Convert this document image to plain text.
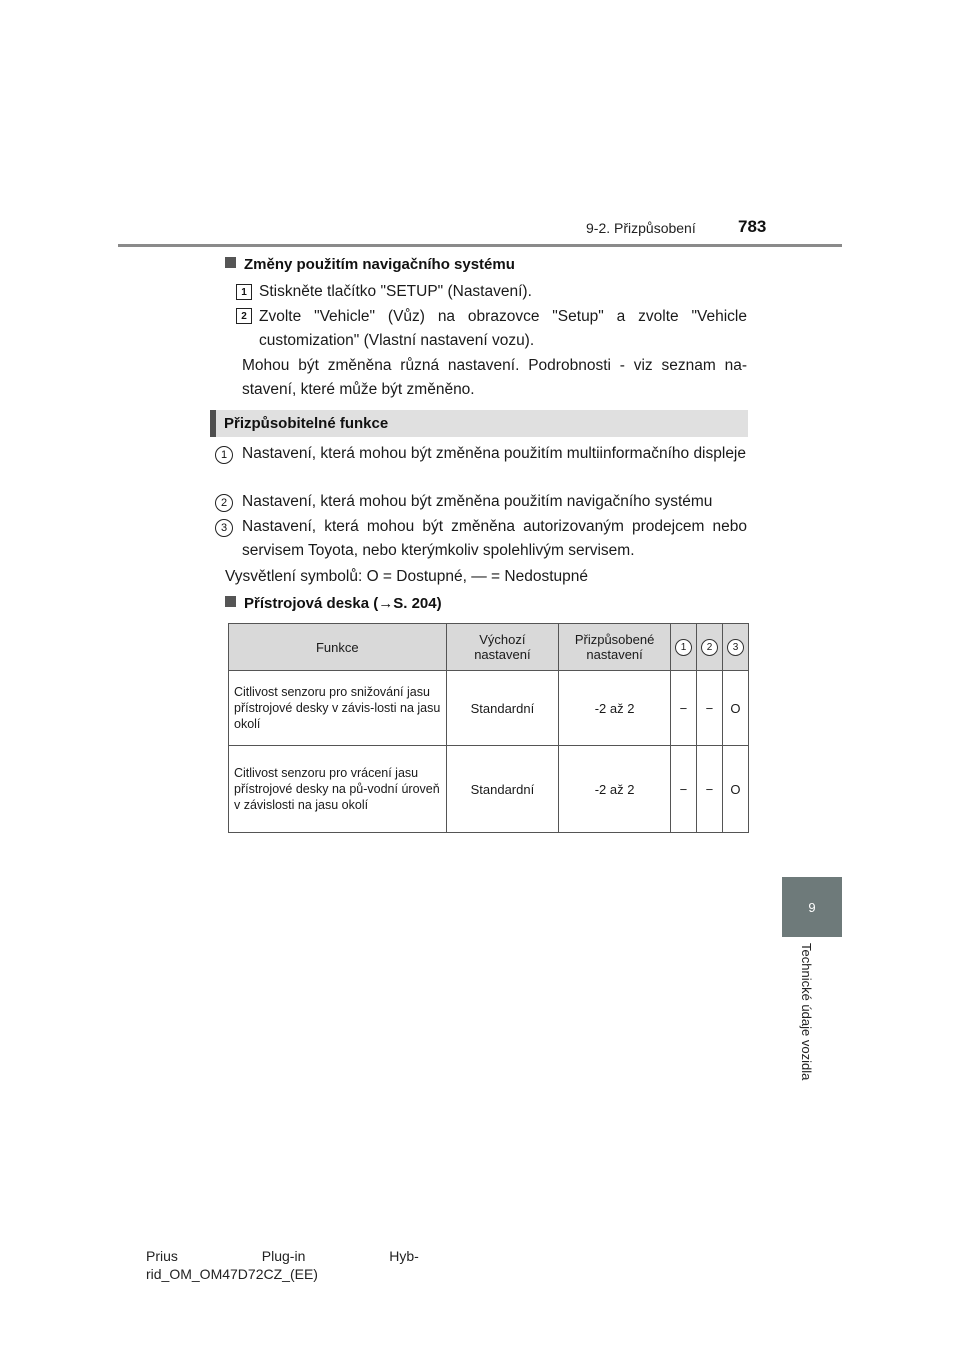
9-2. Přizpůsobení 783
9
Technické údaje vozidla
Změny použitím navigačního systému
1 Stiskněte tlačítko "SETUP" (Nastavení).
2 Zvolte "Vehicle" (Vůz) na obrazovce "Setup" a zvolte "Vehicle customization" (Vlastní nastavení vozu).
Mohou být změněna různá nastavení. Podrobnosti - viz seznam na-stavení, které může být změněno.
Přizpůsobitelné funkce
1 Nastavení, která mohou být změněna použitím multiinformačního displeje
2 Nastavení, která mohou být změněna použitím navigačního systému
3 Nastavení, která mohou být změněna autorizovaným prodejcem nebo servisem Toyota, nebo kterýmkoliv spolehlivým servisem.
Vysvětlení symbolů: O = Dostupné, — = Nedostupné
Přístrojová deska (→S. 204)
Funkce	Výchozí nastavení	Přizpůsobené nastavení	1	2	3
Citlivost senzoru pro snižování jasu přístrojové desky v závis-losti na jasu okolí	Standardní	-2 až 2	−	−	O
Citlivost senzoru pro vrácení jasu přístrojové desky na pů-vodní úroveň v závislosti na jasu okolí	Standardní	-2 až 2	−	−	O
Prius Plug-in Hyb-
rid_OM_OM47D72CZ_(EE)
